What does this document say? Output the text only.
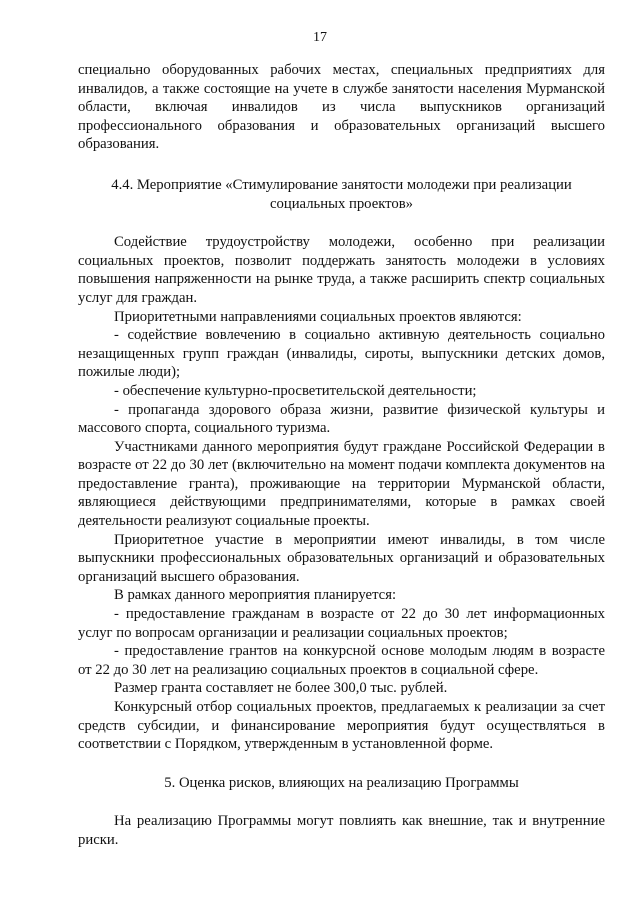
17

специально оборудованных рабочих местах, специальных предприятиях для инвалидов, а также состоящие на учете в службе занятости населения Мурманской области, включая инвалидов из числа выпускников организаций профессионального образования и образовательных организаций высшего образования.

4.4. Мероприятие «Стимулирование занятости молодежи при реализации социальных проектов»

Содействие трудоустройству молодежи, особенно при реализации социальных проектов, позволит поддержать занятость молодежи в условиях повышения напряженности на рынке труда, а также расширить спектр социальных услуг для граждан.

Приоритетными направлениями социальных проектов являются:

- содействие вовлечению в социально активную деятельность социально незащищенных групп граждан (инвалиды, сироты, выпускники детских домов, пожилые люди);

- обеспечение культурно-просветительской деятельности;

- пропаганда здорового образа жизни, развитие физической культуры и массового спорта, социального туризма.

Участниками данного мероприятия будут граждане Российской Федерации в возрасте от 22 до 30 лет (включительно на момент подачи комплекта документов на предоставление гранта), проживающие на территории Мурманской области, являющиеся действующими предпринимателями, которые в рамках своей деятельности реализуют социальные проекты.

Приоритетное участие в мероприятии имеют инвалиды, в том числе выпускники профессиональных образовательных организаций и образовательных организаций высшего образования.

В рамках данного мероприятия планируется:

- предоставление гражданам в возрасте от 22 до 30 лет информационных услуг по вопросам организации и реализации социальных проектов;

- предоставление грантов на конкурсной основе молодым людям в возрасте от 22 до 30 лет на реализацию социальных проектов в социальной сфере.

Размер гранта составляет не более 300,0 тыс. рублей.

Конкурсный отбор социальных проектов, предлагаемых к реализации за счет средств субсидии, и финансирование мероприятия будут осуществляться в соответствии с Порядком, утвержденным в установленной форме.

5. Оценка рисков, влияющих на реализацию Программы

На реализацию Программы могут повлиять как внешние, так и внутренние риски.
